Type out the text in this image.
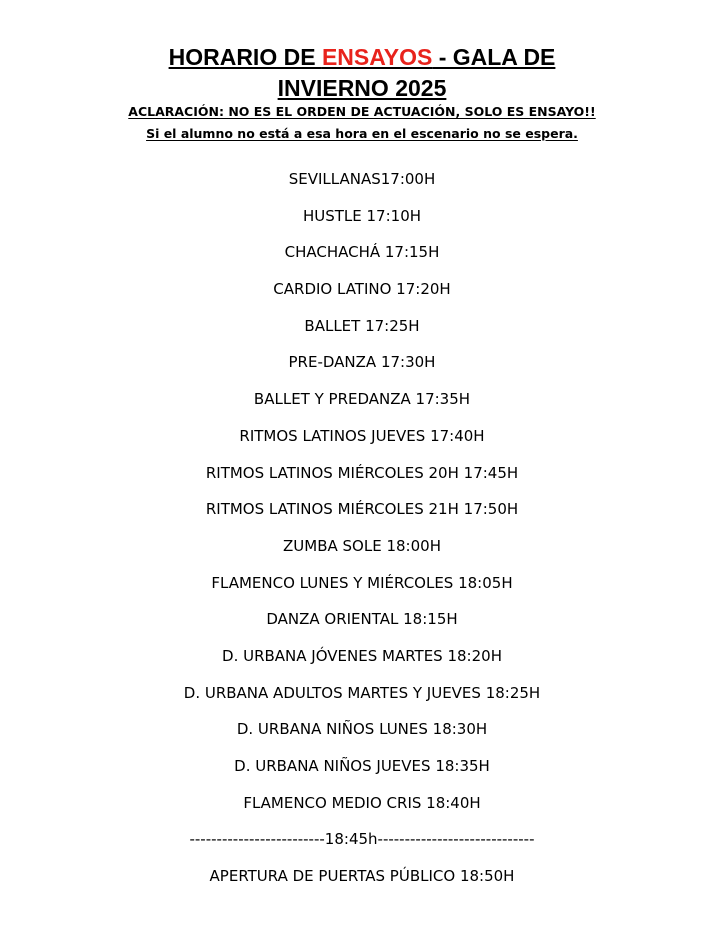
HORARIO DE ENSAYOS - GALA DE
INVIERNO 2025
ACLARACIÓN: NO ES EL ORDEN DE ACTUACIÓN, SOLO ES ENSAYO!!
Si el alumno no está a esa hora en el escenario no se espera.
SEVILLANAS17:00H
HUSTLE 17:10H
CHACHACHÁ 17:15H
CARDIO LATINO 17:20H
BALLET 17:25H
PRE-DANZA 17:30H
BALLET Y PREDANZA 17:35H
RITMOS LATINOS JUEVES 17:40H
RITMOS LATINOS MIÉRCOLES 20H 17:45H
RITMOS LATINOS MIÉRCOLES 21H 17:50H
ZUMBA SOLE 18:00H
FLAMENCO LUNES Y MIÉRCOLES 18:05H
DANZA ORIENTAL 18:15H
D. URBANA JÓVENES MARTES 18:20H
D. URBANA ADULTOS MARTES Y JUEVES 18:25H
D. URBANA NIÑOS LUNES 18:30H
D. URBANA NIÑOS JUEVES 18:35H
FLAMENCO MEDIO CRIS 18:40H
-------------------------18:45h-----------------------------
APERTURA DE PUERTAS PÚBLICO 18:50H
